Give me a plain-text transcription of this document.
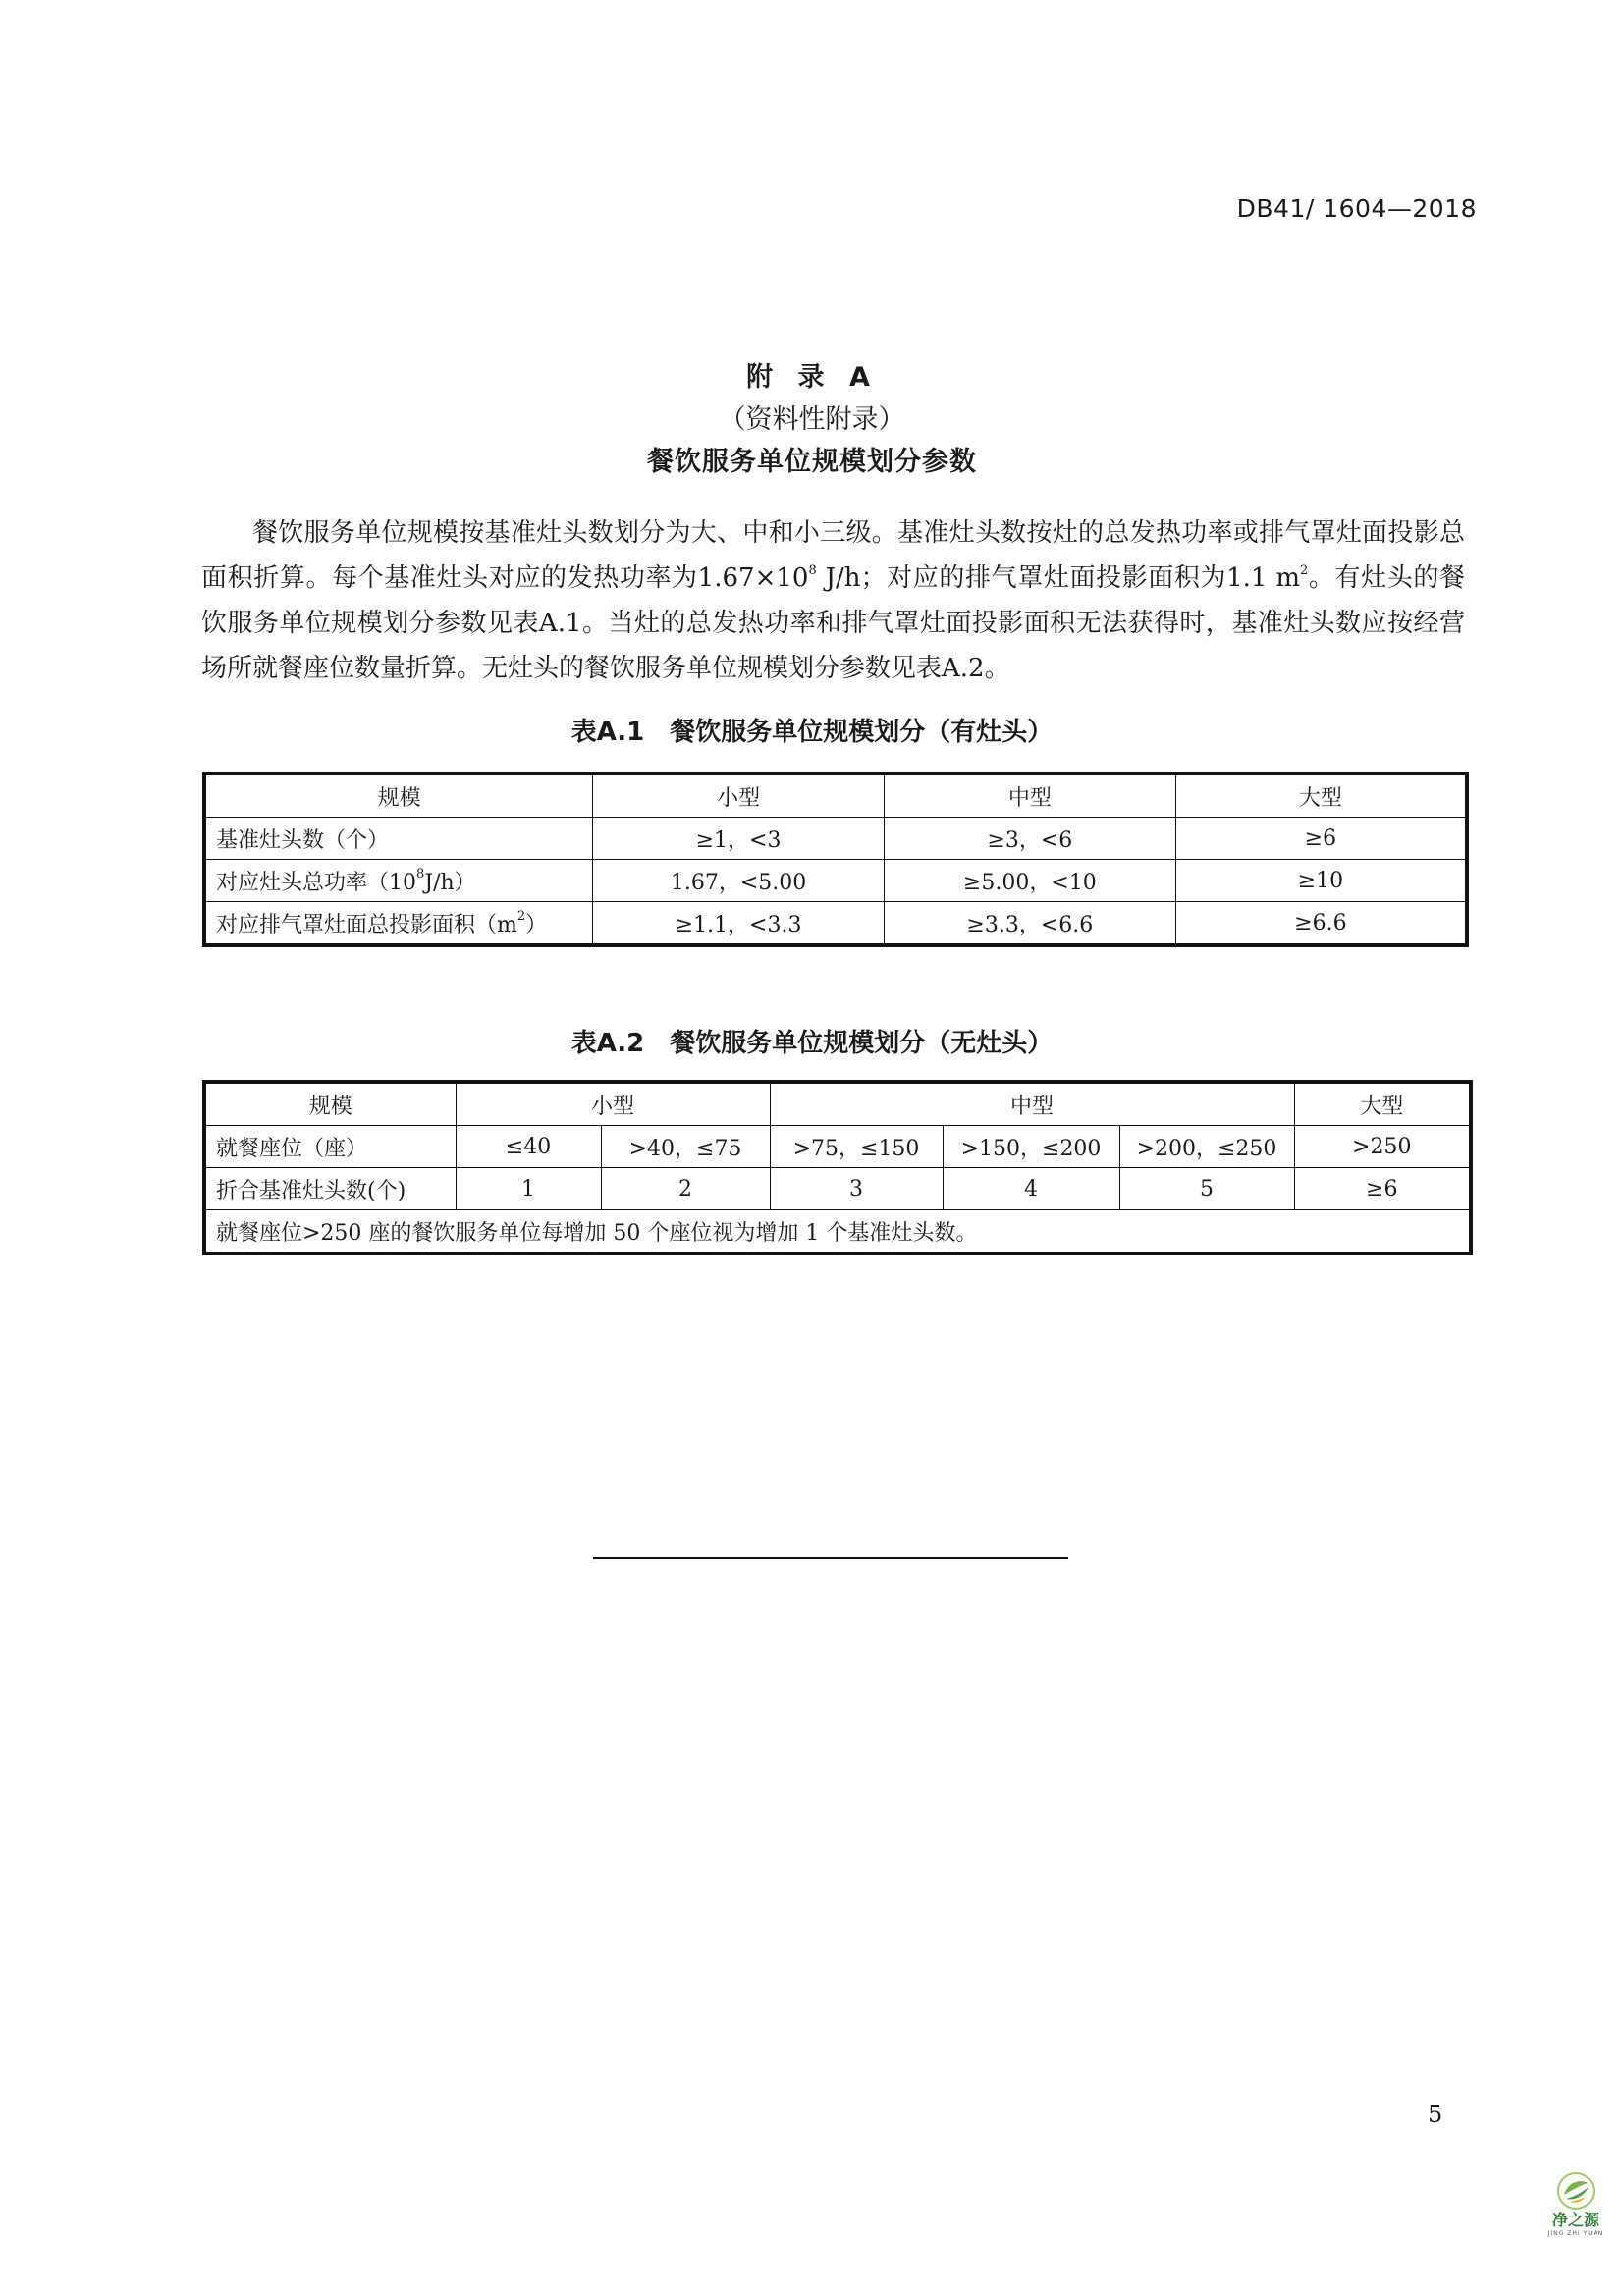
DB41/ 1604—2018
附 录 A
（资料性附录）
餐饮服务单位规模划分参数

餐饮服务单位规模按基准灶头数划分为大、中和小三级。基准灶头数按灶的总发热功率或排气罩灶面投影总面积折算。每个基准灶头对应的发热功率为$1.67\times 10^8$ J/h；对应的排气罩灶面投影面积为1.1 $m^2$。有灶头的餐饮服务单位规模划分参数见表A.1。当灶的总发热功率和排气罩灶面投影面积无法获得时，基准灶头数应按经营场所就餐座位数量折算。无灶头的餐饮服务单位规模划分参数见表A.2。

表A.1　餐饮服务单位规模划分（有灶头）
规模	小型	中型	大型
基准灶头数（个）	≥1，<3	≥3，<6	≥6
对应灶头总功率$(10^8J/h)$	1.67，<5.00	≥5.00，<10	≥10
对应排气罩灶面总投影面积$(m^2)$	≥1.1，<3.3	≥3.3，<6.6	≥6.6
表A.2　餐饮服务单位规模划分（无灶头）
规模	小型		中型			大型
就餐座位（座）	≤40	>40，≤75	>75，≤150	>150，≤200	>200，≤250	>250
折合基准灶头数(个)	1	2	3	4	5	≥6
就餐座位>250 座的餐饮服务单位每增加 50 个座位视为增加 1 个基准灶头数。						
5
净之源
JING ZHI YUAN
